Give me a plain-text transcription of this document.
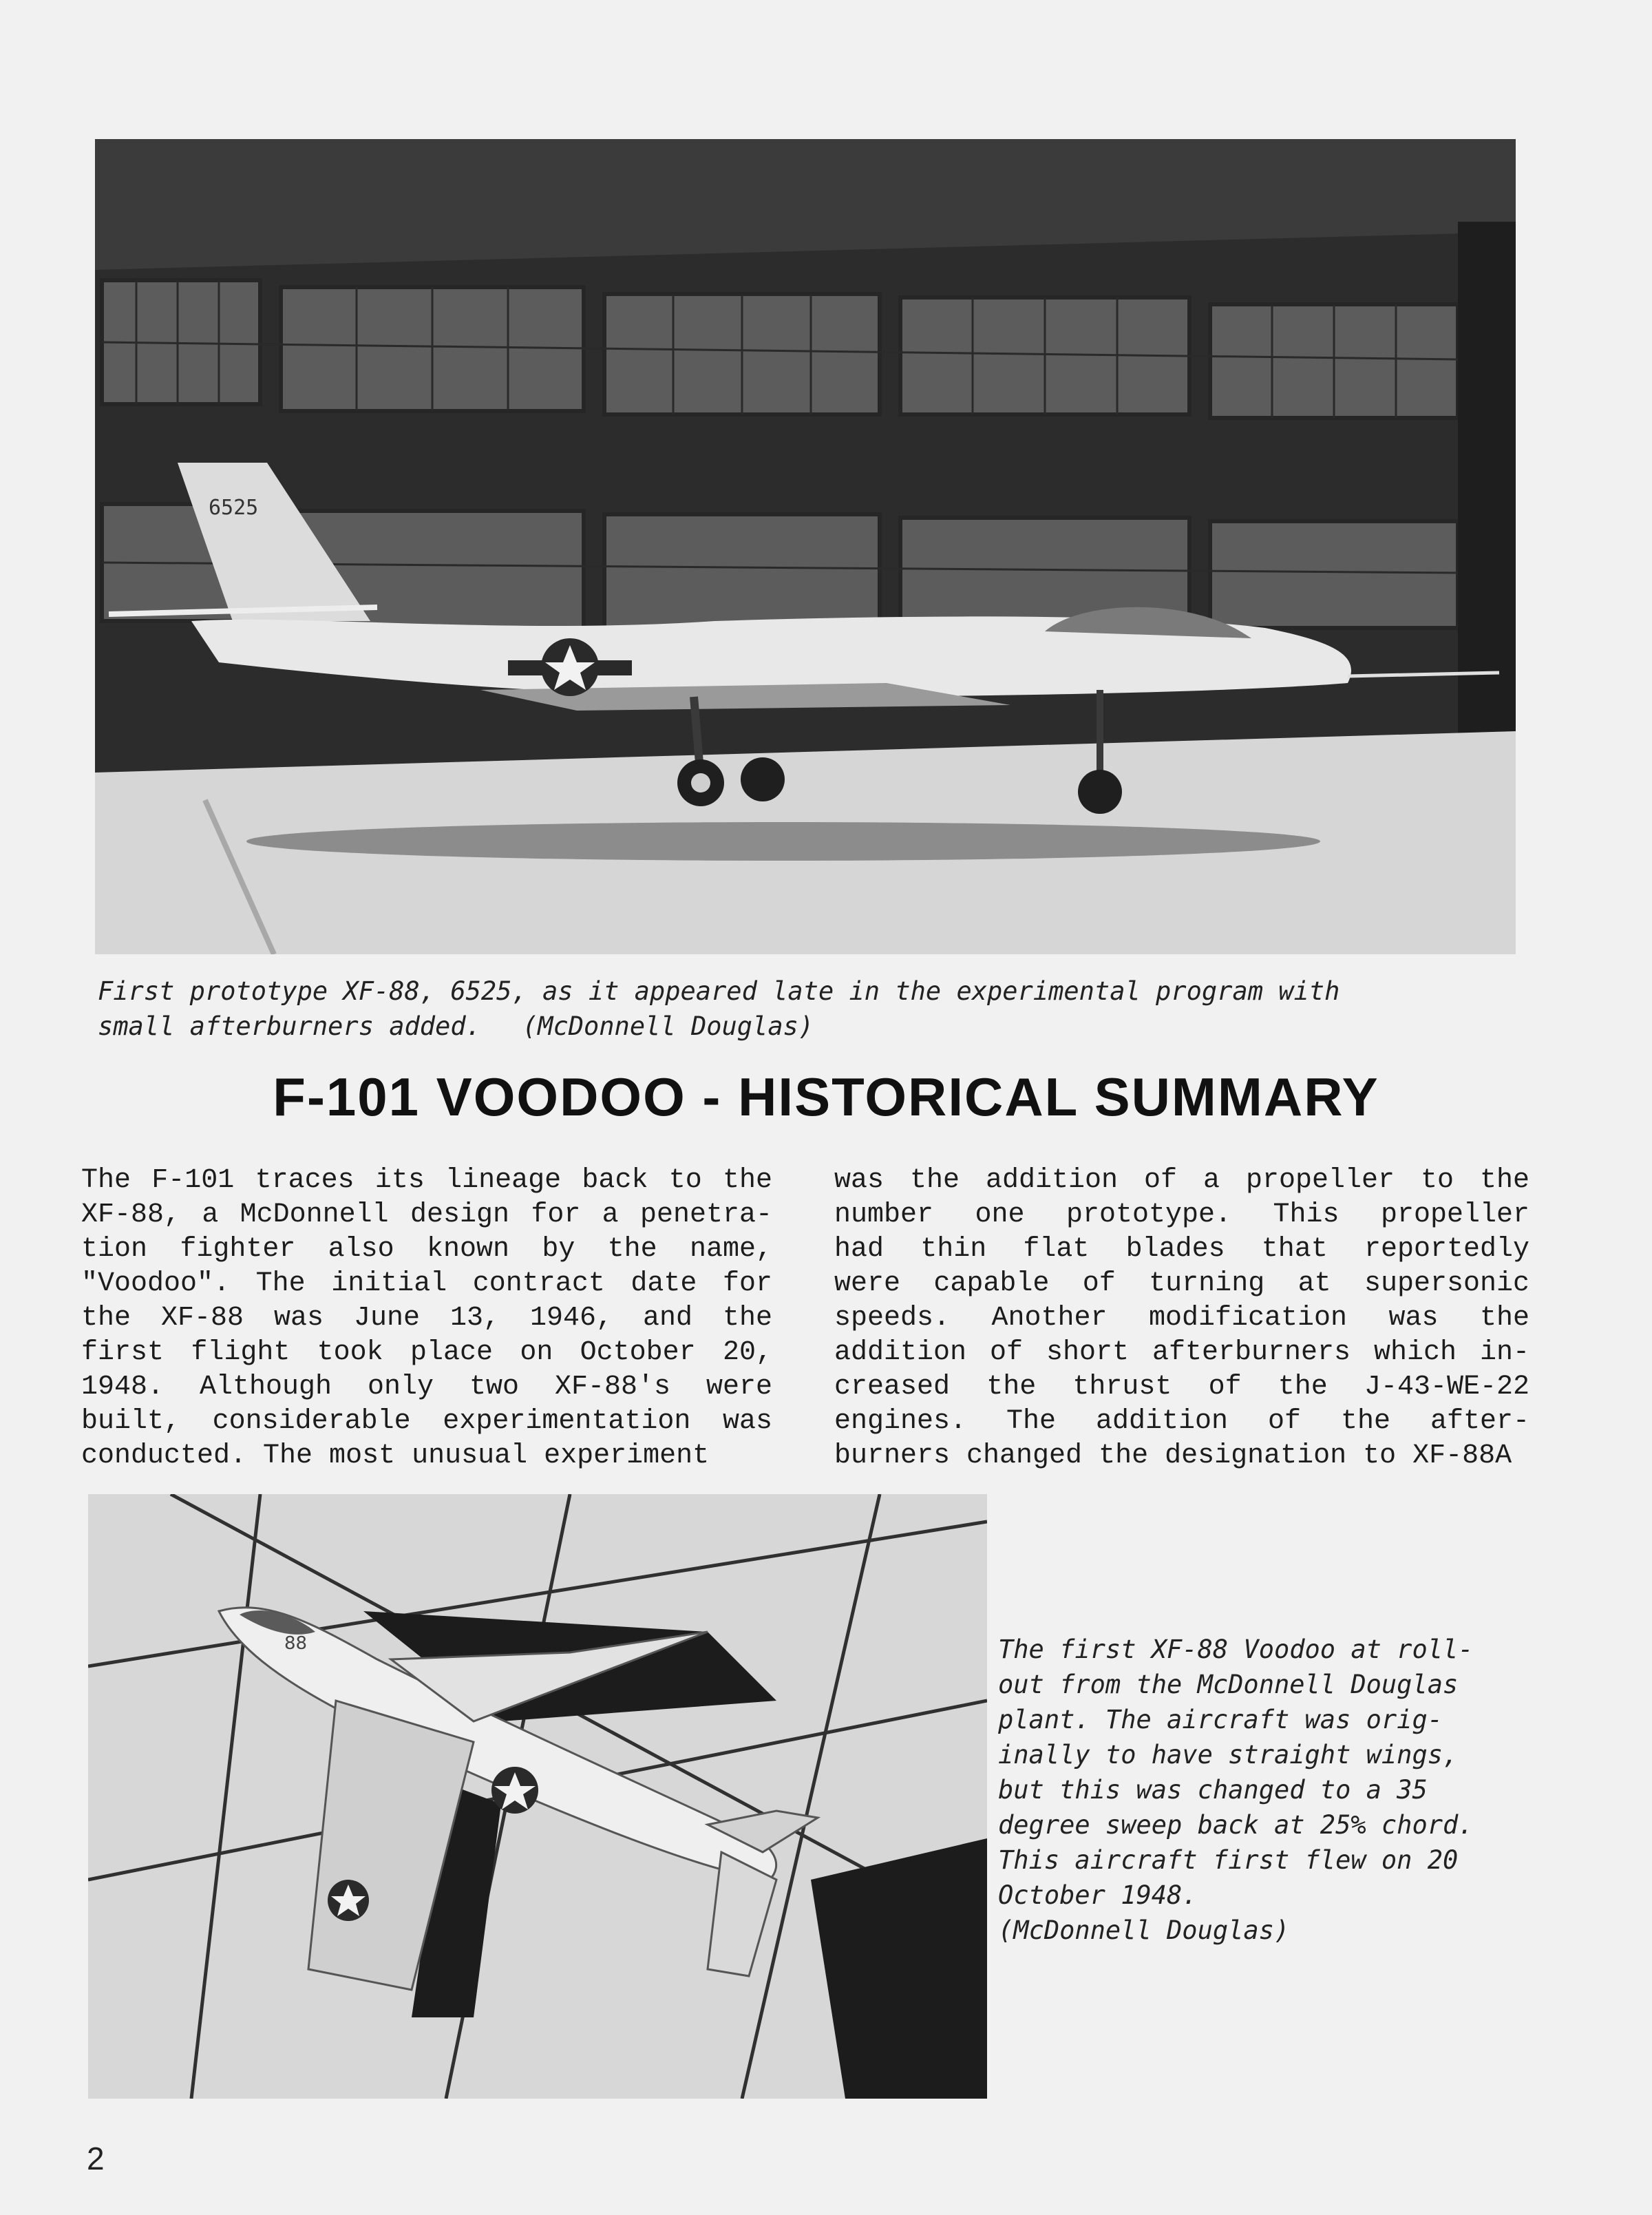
6525

First prototype XF-88, 6525, as it appeared late in the experimental program with
small afterburners added. (McDonnell Douglas)

F-101 VOODOO - HISTORICAL SUMMARY

The F-101 traces its lineage back to the
XF-88, a McDonnell design for a penetra-
tion fighter also known by the name,
"Voodoo". The initial contract date for
the XF-88 was June 13, 1946, and the
first flight took place on October 20,
1948. Although only two XF-88's were
built, considerable experimentation was
conducted. The most unusual experiment

was the addition of a propeller to the
number one prototype. This propeller
had thin flat blades that reportedly
were capable of turning at supersonic
speeds. Another modification was the
addition of short afterburners which in-
creased the thrust of the J-43-WE-22
engines. The addition of the after-
burners changed the designation to XF-88A

88	The first XF-88 Voodoo at roll-
out from the McDonnell Douglas
plant. The aircraft was orig-
inally to have straight wings,
but this was changed to a 35
degree sweep back at 25% chord.
This aircraft first flew on 20
October 1948.
(McDonnell Douglas)

2
